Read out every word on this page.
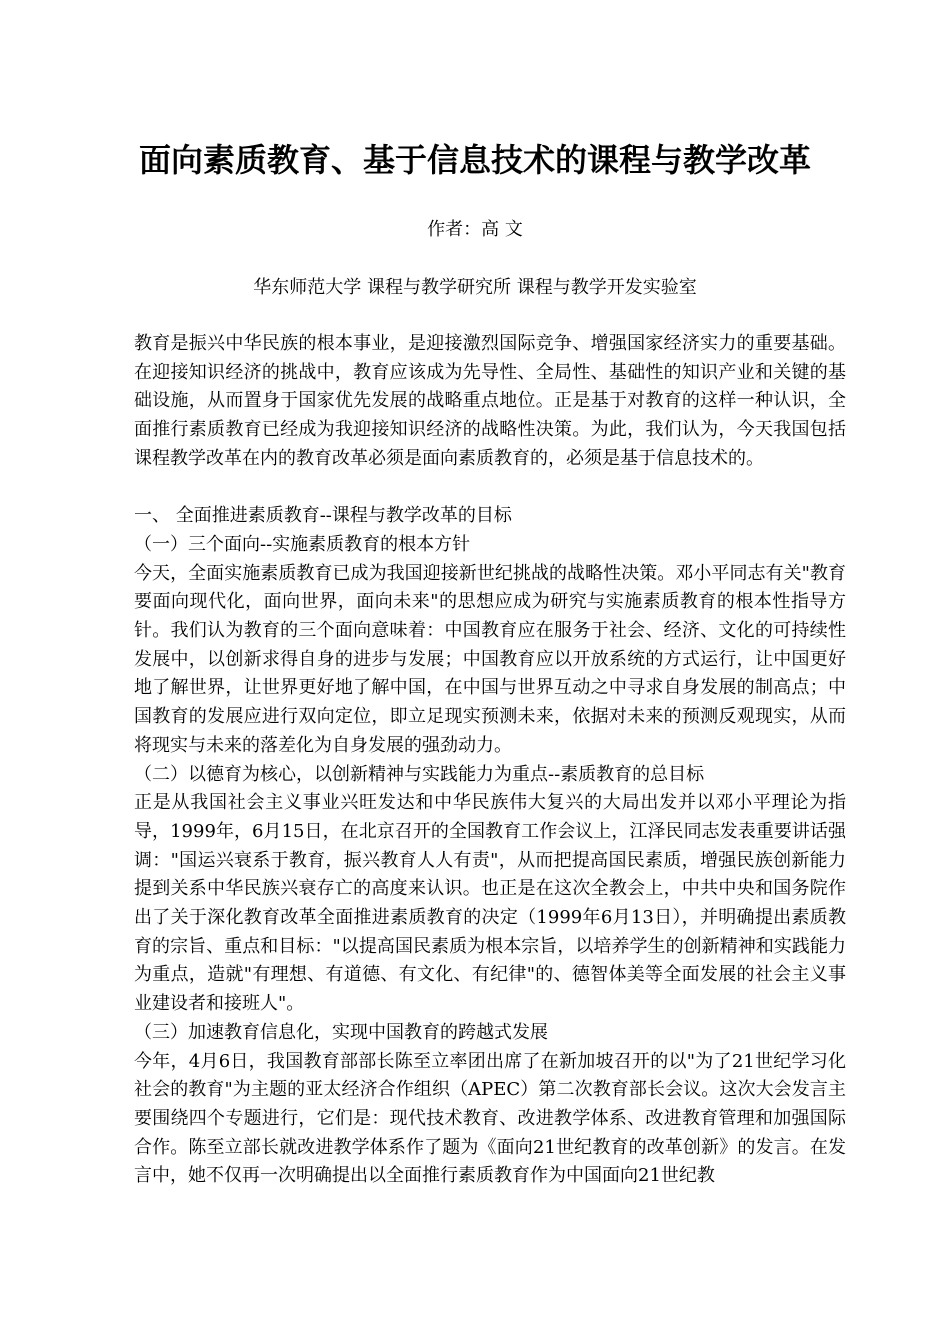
面向素质教育、基于信息技术的课程与教学改革
作者：高 文
华东师范大学 课程与教学研究所 课程与教学开发实验室

教育是振兴中华民族的根本事业，是迎接激烈国际竞争、增强国家经济实力的重要基础。在迎接知识经济的挑战中，教育应该成为先导性、全局性、基础性的知识产业和关键的基础设施，从而置身于国家优先发展的战略重点地位。正是基于对教育的这样一种认识，全面推行素质教育已经成为我迎接知识经济的战略性决策。为此，我们认为，今天我国包括课程教学改革在内的教育改革必须是面向素质教育的，必须是基于信息技术的。

一、 全面推进素质教育--课程与教学改革的目标

（一）三个面向--实施素质教育的根本方针

今天，全面实施素质教育已成为我国迎接新世纪挑战的战略性决策。邓小平同志有关"教育要面向现代化，面向世界，面向未来"的思想应成为研究与实施素质教育的根本性指导方针。我们认为教育的三个面向意味着：中国教育应在服务于社会、经济、文化的可持续性发展中，以创新求得自身的进步与发展；中国教育应以开放系统的方式运行，让中国更好地了解世界，让世界更好地了解中国，在中国与世界互动之中寻求自身发展的制高点；中国教育的发展应进行双向定位，即立足现实预测未来，依据对未来的预测反观现实，从而将现实与未来的落差化为自身发展的强劲动力。

（二）以德育为核心，以创新精神与实践能力为重点--素质教育的总目标

正是从我国社会主义事业兴旺发达和中华民族伟大复兴的大局出发并以邓小平理论为指导，1999年，6月15日，在北京召开的全国教育工作会议上，江泽民同志发表重要讲话强调："国运兴衰系于教育，振兴教育人人有责"，从而把提高国民素质，增强民族创新能力提到关系中华民族兴衰存亡的高度来认识。也正是在这次全教会上，中共中央和国务院作出了关于深化教育改革全面推进素质教育的决定（1999年6月13日），并明确提出素质教育的宗旨、重点和目标："以提高国民素质为根本宗旨，以培养学生的创新精神和实践能力为重点，造就"有理想、有道德、有文化、有纪律"的、德智体美等全面发展的社会主义事业建设者和接班人"。

（三）加速教育信息化，实现中国教育的跨越式发展

今年，4月6日，我国教育部部长陈至立率团出席了在新加坡召开的以"为了21世纪学习化社会的教育"为主题的亚太经济合作组织（APEC）第二次教育部长会议。这次大会发言主要围绕四个专题进行，它们是：现代技术教育、改进教学体系、改进教育管理和加强国际合作。陈至立部长就改进教学体系作了题为《面向21世纪教育的改革创新》的发言。在发言中，她不仅再一次明确提出以全面推行素质教育作为中国面向21世纪教
